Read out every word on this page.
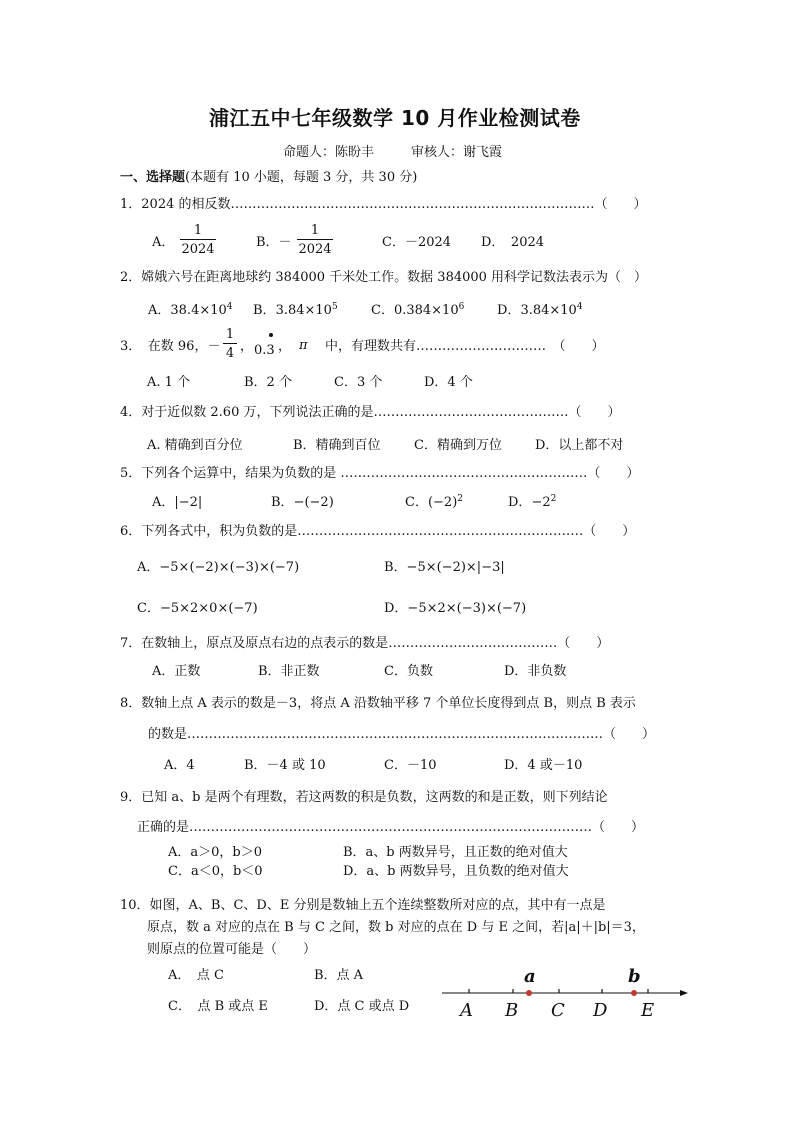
浦江五中七年级数学 10 月作业检测试卷
命题人：陈盼丰	审核人：谢飞霞
一、选择题(本题有 10 小题，每题 3 分，共 30 分)
1．2024 的相反数…………………………………………………………………………（　　）
A．
1
2024	B．－
1
2024	C．－2024 D．　2024
2．嫦娥六号在距离地球约 384000 千米处工作。数据 384000 用科学记数法表示为（　）
A．$38.4\times 10^4$ B．$3.84\times 10^5$	C．$0.384\times 10^6$	D．$3.84\times 10^4$
3．　在数 96，－
1
4 ， 0.3 ， π 　中，有理数共有…………………………　（　　）
A. 1 个	B．2 个	C．3 个	D．4 个
4．对于近似数 2.60 万，下列说法正确的是………………………………………（　　）
A. 精确到百分位	B．精确到百位	C．精确到万位	D．以上都不对
5．下列各个运算中，结果为负数的是 …………………………………………………（　　）
A．|−2|	B．−(−2)	C．$(-2)^2$	D．$-2^2$
6．下列各式中，积为负数的是…………………………………………………………（　　）
A．−5×(−2)×(−3)×(−7)	B．−5×(−2)×|−3|
C．−5×2×0×(−7)	D．−5×2×(−3)×(−7)
7．在数轴上，原点及原点右边的点表示的数是…………………………………（　　）
A．正数	B．非正数	C．负数	D．非负数
8．数轴上点 A 表示的数是－3，将点 A 沿数轴平移 7 个单位长度得到点 B，则点 B 表示
的数是……………………………………………………………………………………（　　）
A．4	B．－4 或 10	C．－10	D．4 或－10
9．已知 a、b 是两个有理数，若这两数的积是负数，这两数的和是正数，则下列结论
正确的是…………………………………………………………………………………（　　）
A．a＞0，b＞0	B．a、b 两数异号，且正数的绝对值大
C．a＜0，b＜0	D．a、b 两数异号，且负数的绝对值大
10．如图，A、B、C、D、E 分别是数轴上五个连续整数所对应的点，其中有一点是
原点，数 a 对应的点在 B 与 C 之间，数 b 对应的点在 D 与 E 之间，若|a|＋|b|＝3，
则原点的位置可能是（　　）
A．　点 C	B．点 A
C．　点 B 或点 E	D．点 C 或点 D
a	b
A B C D E
